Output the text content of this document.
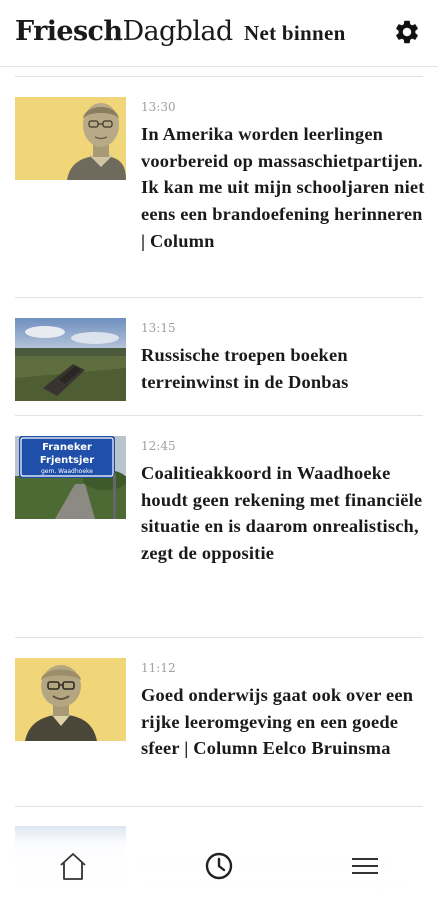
FrieschDagblad Net binnen
13:30
In Amerika worden leerlingen voorbereid op massaschietpartijen. Ik kan me uit mijn schooljaren niet eens een brandoefening herinneren | Column
13:15
Russische troepen boeken terreinwinst in de Donbas
Franeker
Frjentsjer
gem. Waadhoeke
12:45
Coalitieakkoord in Waadhoeke houdt geen rekening met financiële situatie en is daarom onrealistisch, zegt de oppositie
11:12
Goed onderwijs gaat ook over een rijke leeromgeving en een goede sfeer | Column Eelco Bruinsma
